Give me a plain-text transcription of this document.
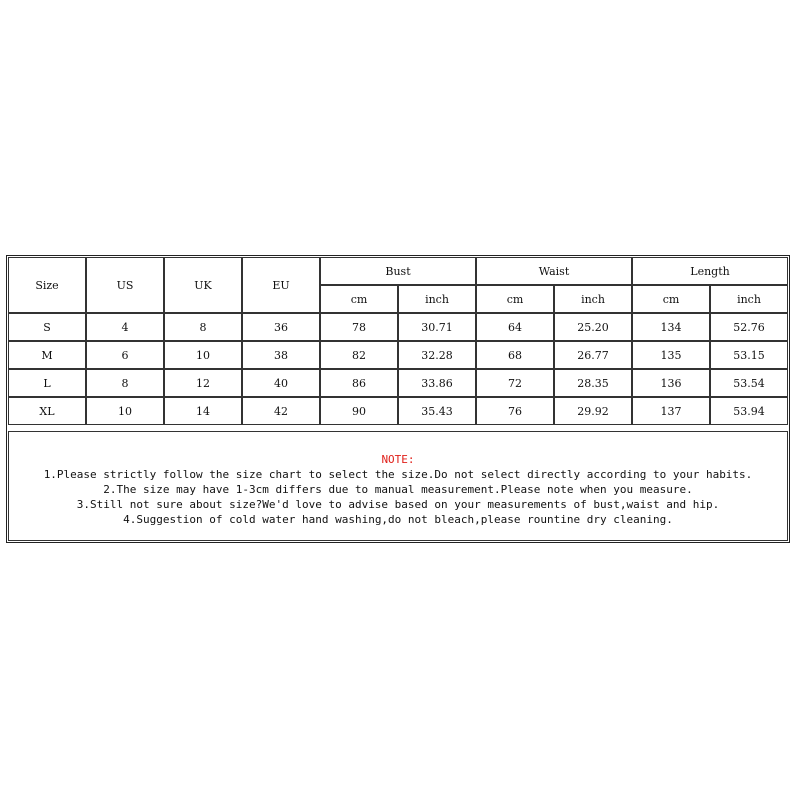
Size	US	UK	EU	Bust		Waist		Length	
				cm	inch	cm	inch	cm	inch
S	4	8	36	78	30.71	64	25.20	134	52.76
M	6	10	38	82	32.28	68	26.77	135	53.15
L	8	12	40	86	33.86	72	28.35	136	53.54
XL	10	14	42	90	35.43	76	29.92	137	53.94
NOTE:
1.Please strictly follow the size chart to select the size.Do not select directly according to your habits.
2.The size may have 1-3cm differs due to manual measurement.Please note when you measure.
3.Still not sure about size?We'd love to advise based on your measurements of bust,waist and hip.
4.Suggestion of cold water hand washing,do not bleach,please rountine dry cleaning.
